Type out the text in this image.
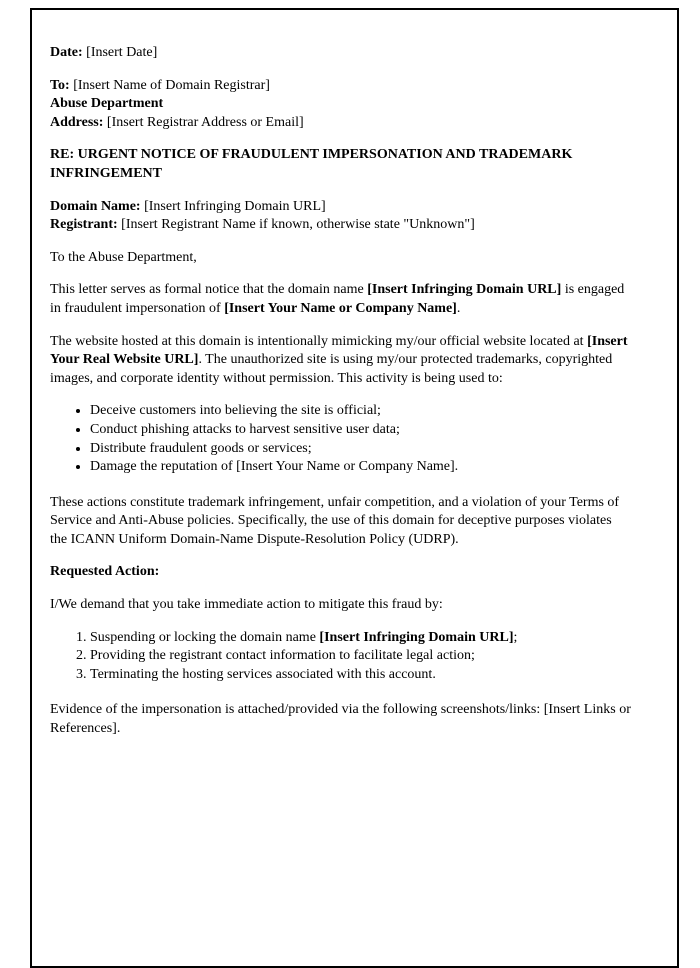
Date: [Insert Date]
To: [Insert Name of Domain Registrar]
Abuse Department
Address: [Insert Registrar Address or Email]
RE: URGENT NOTICE OF FRAUDULENT IMPERSONATION AND TRADEMARK INFRINGEMENT
Domain Name: [Insert Infringing Domain URL]
Registrant: [Insert Registrant Name if known, otherwise state "Unknown"]
To the Abuse Department,
This letter serves as formal notice that the domain name [Insert Infringing Domain URL] is engaged in fraudulent impersonation of [Insert Your Name or Company Name].
The website hosted at this domain is intentionally mimicking my/our official website located at [Insert Your Real Website URL]. The unauthorized site is using my/our protected trademarks, copyrighted images, and corporate identity without permission. This activity is being used to:
• Deceive customers into believing the site is official;
• Conduct phishing attacks to harvest sensitive user data;
• Distribute fraudulent goods or services;
• Damage the reputation of [Insert Your Name or Company Name].
These actions constitute trademark infringement, unfair competition, and a violation of your Terms of Service and Anti-Abuse policies. Specifically, the use of this domain for deceptive purposes violates the ICANN Uniform Domain-Name Dispute-Resolution Policy (UDRP).
Requested Action:
I/We demand that you take immediate action to mitigate this fraud by:
1. Suspending or locking the domain name [Insert Infringing Domain URL];
2. Providing the registrant contact information to facilitate legal action;
3. Terminating the hosting services associated with this account.
Evidence of the impersonation is attached/provided via the following screenshots/links: [Insert Links or References].
